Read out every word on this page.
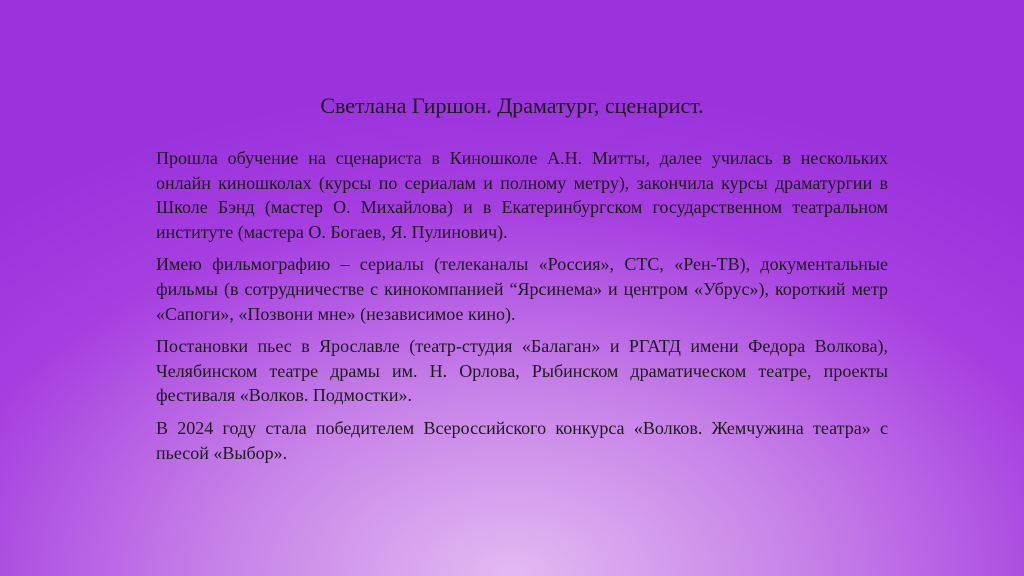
Светлана Гиршон. Драматург, сценарист.

Прошла обучение на сценариста в Киношколе А.Н. Митты, далее училась в нескольких онлайн киношколах (курсы по сериалам и полному метру), закончила курсы драматургии в Школе Бэнд (мастер О. Михайлова) и в Екатеринбургском государственном театральном институте (мастера О. Богаев, Я. Пулинович).

Имею фильмографию – сериалы (телеканалы «Россия», СТС, «Рен-ТВ), документальные фильмы (в сотрудничестве с кинокомпанией “Ярсинема» и центром «Убрус»), короткий метр «Сапоги», «Позвони мне» (независимое кино).

Постановки пьес в Ярославле (театр-студия «Балаган» и РГАТД имени Федора Волкова), Челябинском театре драмы им. Н. Орлова, Рыбинском драматическом театре, проекты фестиваля «Волков. Подмостки».

В 2024 году стала победителем Всероссийского конкурса «Волков. Жемчужина театра» с пьесой «Выбор».
